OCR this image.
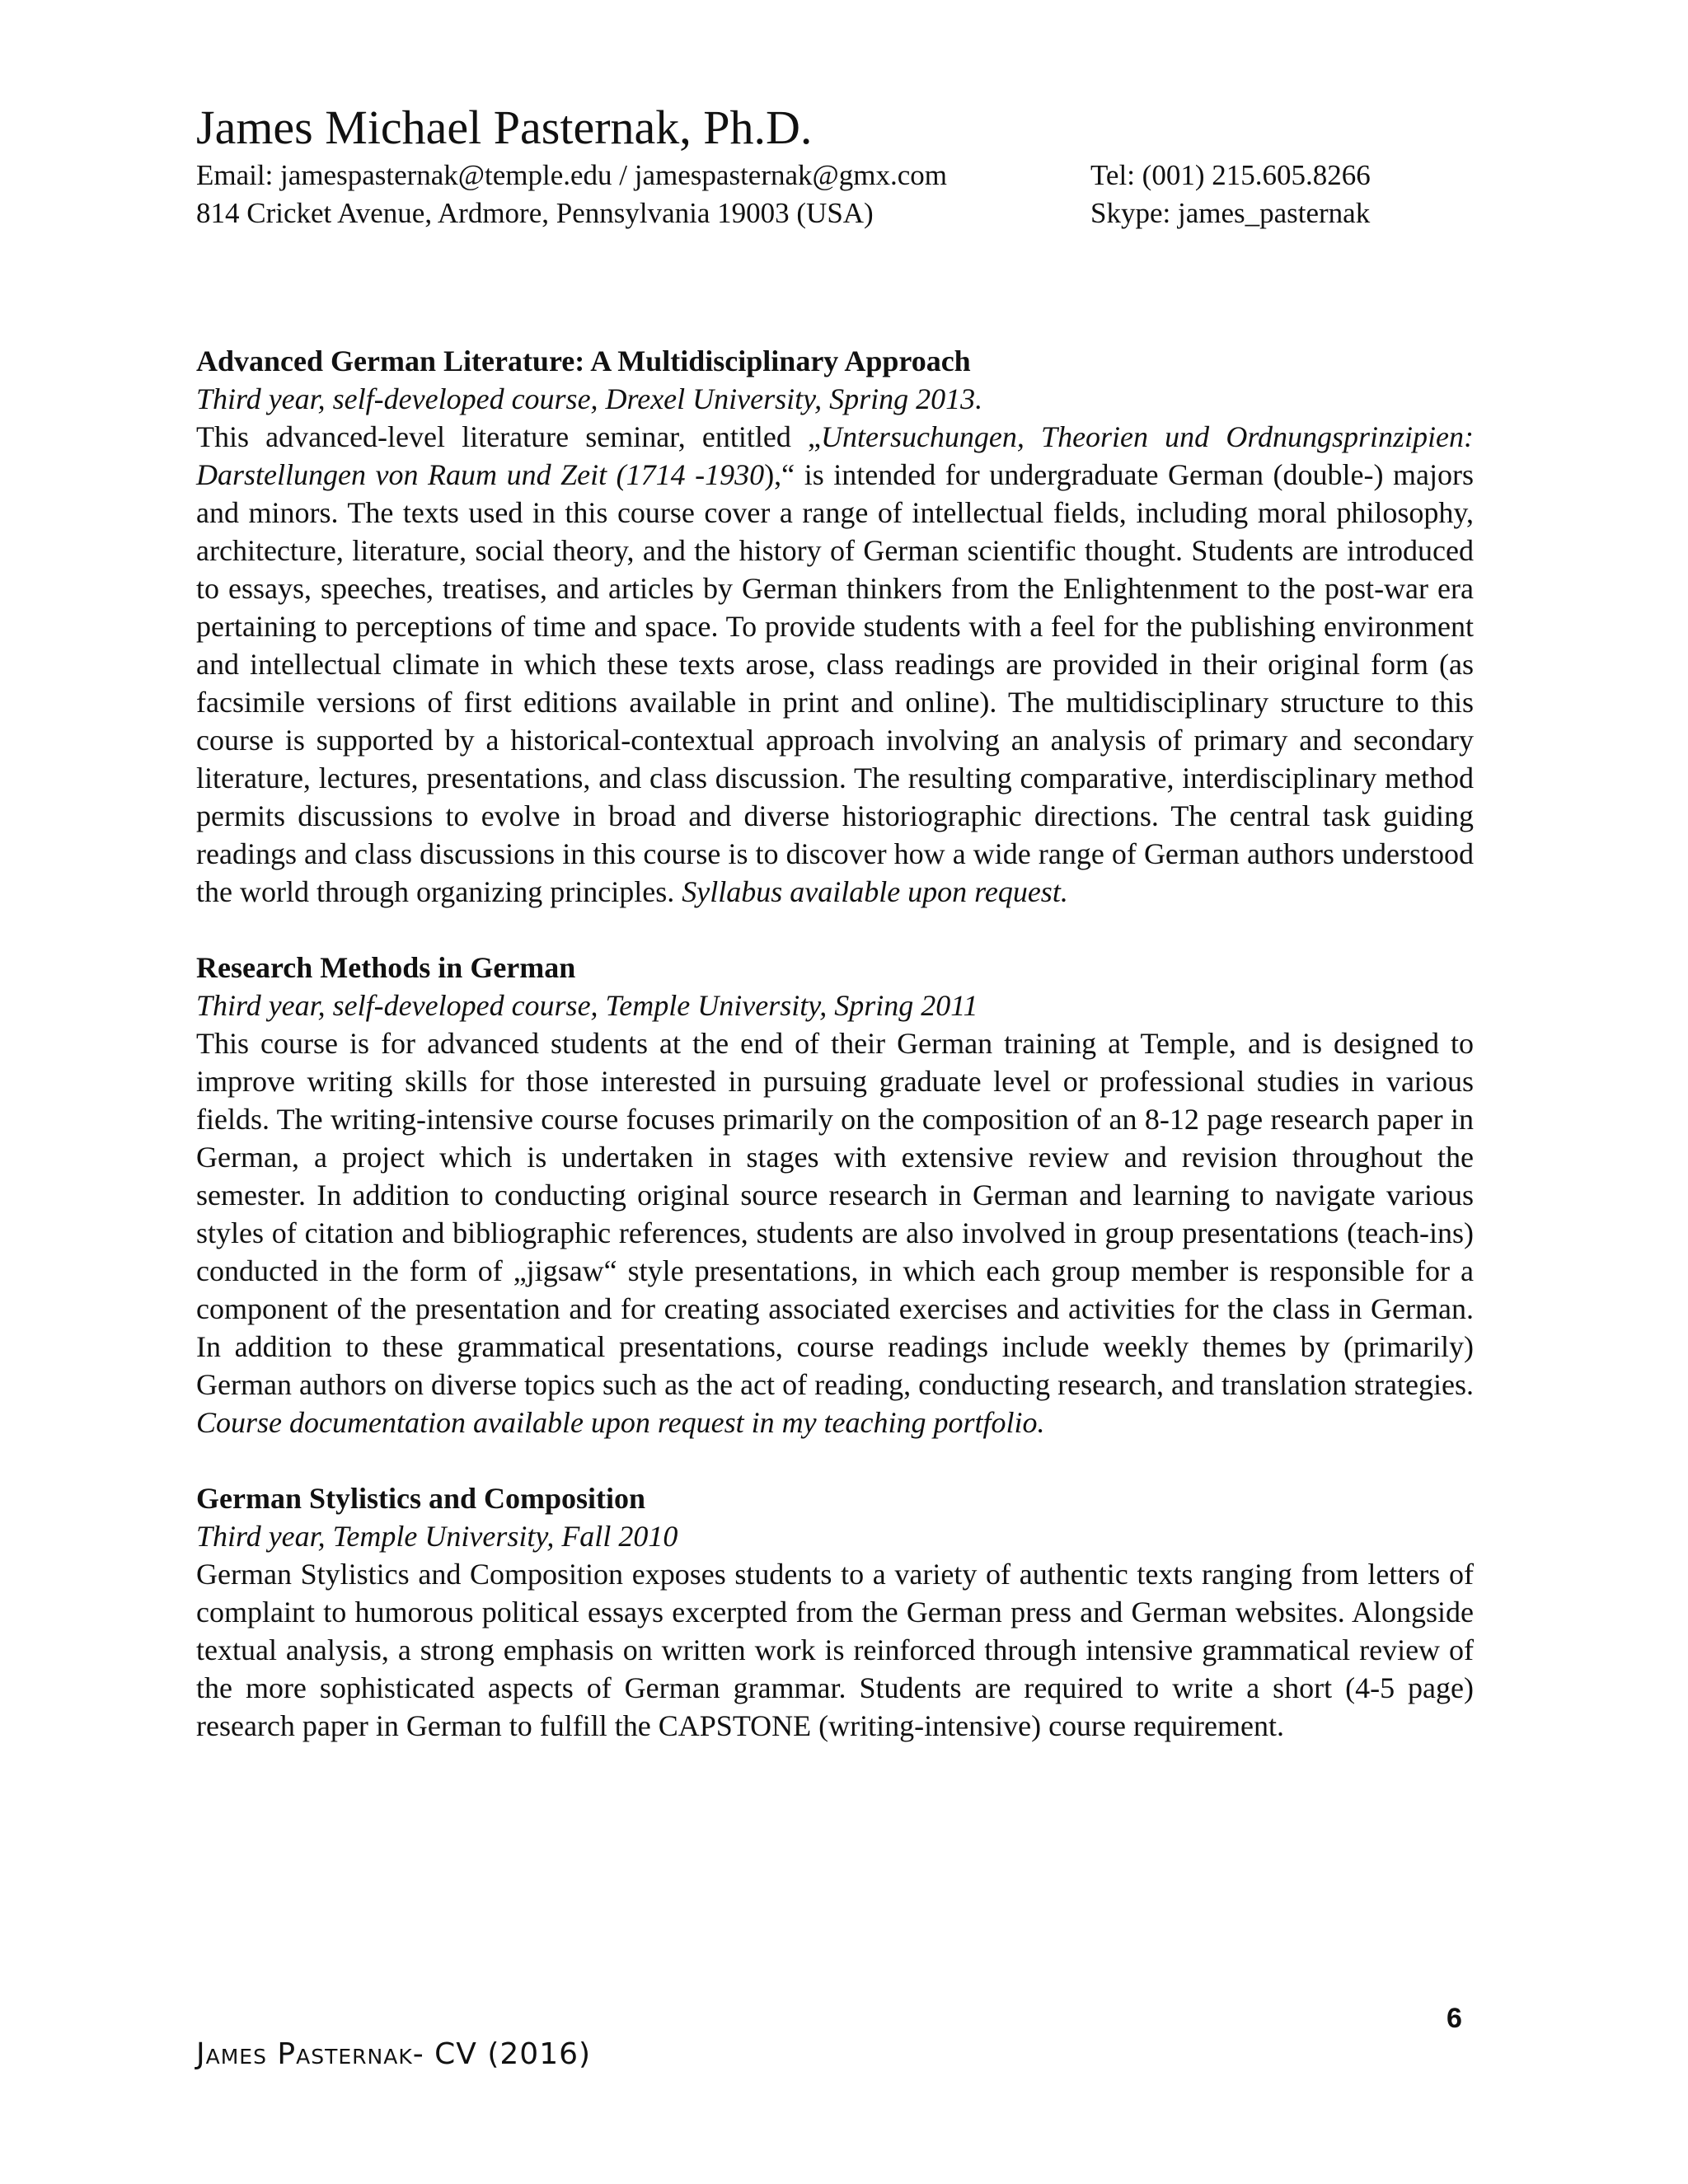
James Michael Pasternak, Ph.D.
Email: jamespasternak@temple.edu / jamespasternak@gmx.com	Tel: (001) 215.605.8266
814 Cricket Avenue, Ardmore, Pennsylvania 19003 (USA)	Skype: james_pasternak
Advanced German Literature: A Multidisciplinary Approach
Third year, self-developed course, Drexel University, Spring 2013.
This advanced-level literature seminar, entitled „Untersuchungen, Theorien und Ordnungsprinzipien: Darstellungen von Raum und Zeit (1714 -1930),“ is intended for undergraduate German (double-) majors and minors. The texts used in this course cover a range of intellectual fields, including moral philosophy, architecture, literature, social theory, and the history of German scientific thought. Students are introduced to essays, speeches, treatises, and articles by German thinkers from the Enlightenment to the post-war era pertaining to perceptions of time and space. To provide students with a feel for the publishing environment and intellectual climate in which these texts arose, class readings are provided in their original form (as facsimile versions of first editions available in print and online). The multidisciplinary structure to this course is supported by a historical-contextual approach involving an analysis of primary and secondary literature, lectures, presentations, and class discussion. The resulting comparative, interdisciplinary method permits discussions to evolve in broad and diverse historiographic directions. The central task guiding readings and class discussions in this course is to discover how a wide range of German authors understood the world through organizing principles. Syllabus available upon request.
Research Methods in German
Third year, self-developed course, Temple University, Spring 2011
This course is for advanced students at the end of their German training at Temple, and is designed to improve writing skills for those interested in pursuing graduate level or professional studies in various fields. The writing-intensive course focuses primarily on the composition of an 8-12 page research paper in German, a project which is undertaken in stages with extensive review and revision throughout the semester. In addition to conducting original source research in German and learning to navigate various styles of citation and bibliographic references, students are also involved in group presentations (teach-ins) conducted in the form of „jigsaw“ style presentations, in which each group member is responsible for a component of the presentation and for creating associated exercises and activities for the class in German. In addition to these grammatical presentations, course readings include weekly themes by (primarily) German authors on diverse topics such as the act of reading, conducting research, and translation strategies. Course documentation available upon request in my teaching portfolio.
German Stylistics and Composition
Third year, Temple University, Fall 2010
German Stylistics and Composition exposes students to a variety of authentic texts ranging from letters of complaint to humorous political essays excerpted from the German press and German websites. Alongside textual analysis, a strong emphasis on written work is reinforced through intensive grammatical review of the more sophisticated aspects of German grammar. Students are required to write a short (4-5 page) research paper in German to fulfill the CAPSTONE (writing-intensive) course requirement.
6
James Pasternak- CV (2016)
